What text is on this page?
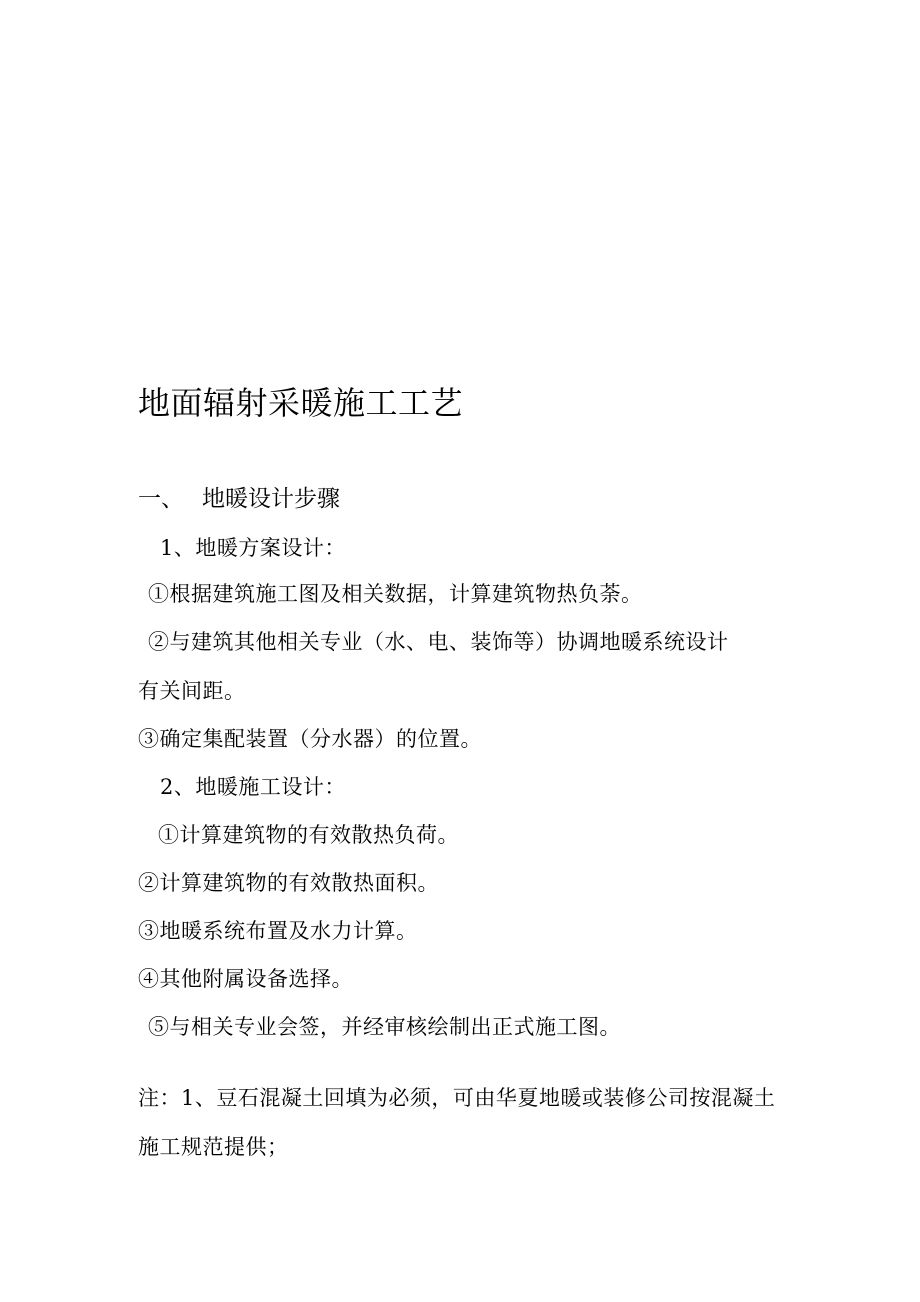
地面辐射采暖施工工艺
一、 地暖设计步骤
1、地暖方案设计：
①根据建筑施工图及相关数据，计算建筑物热负荼。
②与建筑其他相关专业（水、电、装饰等）协调地暖系统设计
有关间距。
③确定集配装置（分水器）的位置。
2、地暖施工设计：
①计算建筑物的有效散热负荷。
②计算建筑物的有效散热面积。
③地暖系统布置及水力计算。
④其他附属设备选择。
⑤与相关专业会签，并经审核绘制出正式施工图。
注：1、豆石混凝土回填为必须，可由华夏地暖或装修公司按混凝土
施工规范提供；
